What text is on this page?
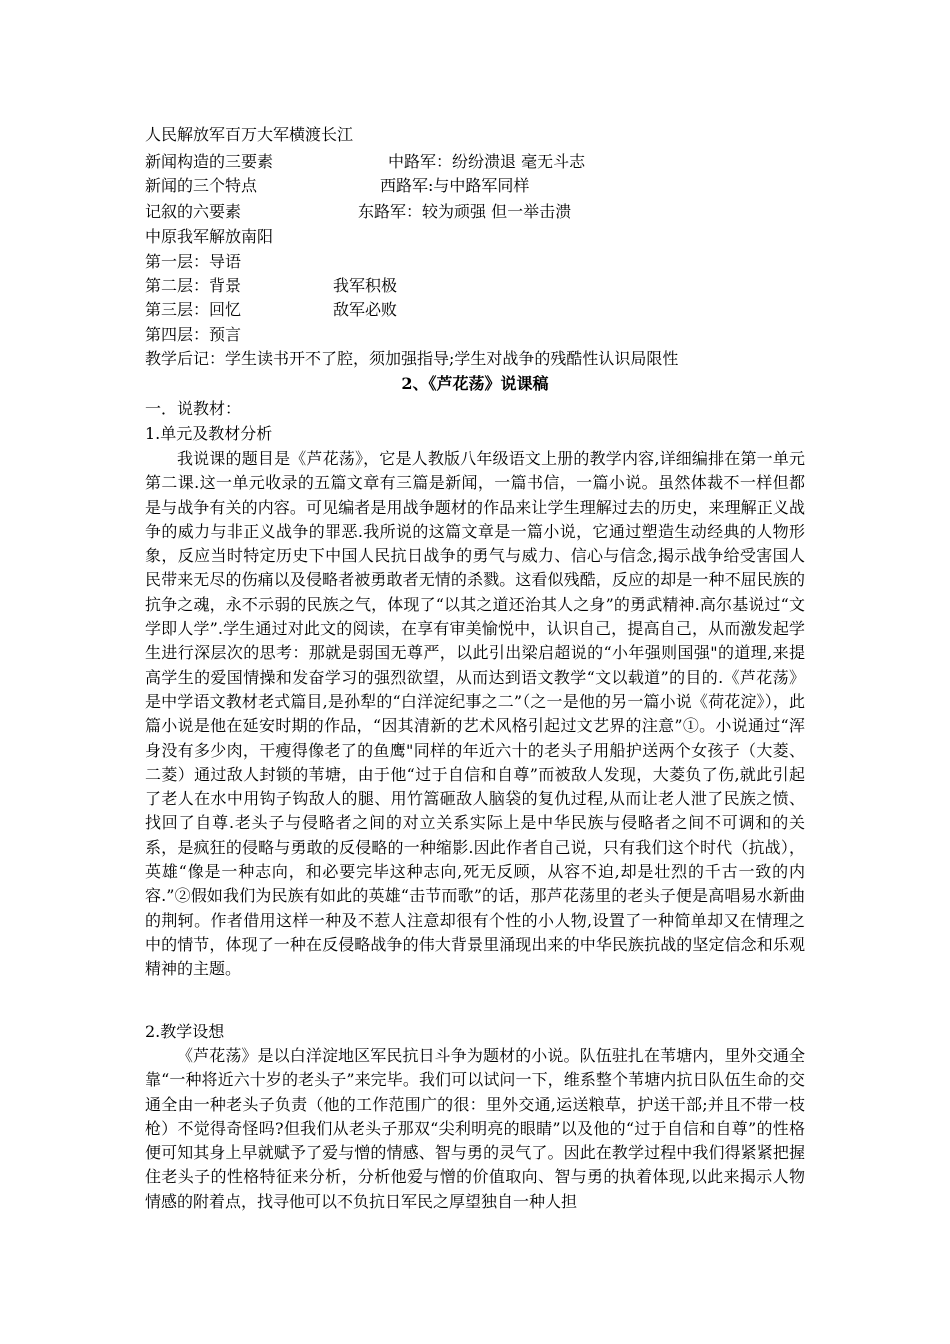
人民解放军百万大军横渡长江
新闻构造的三要素	中路军：纷纷溃退 毫无斗志
新闻的三个特点	西路军:与中路军同样
记叙的六要素	东路军：较为顽强 但一举击溃
中原我军解放南阳
第一层：导语
第二层：背景	我军积极
第三层：回忆	敌军必败
第四层：预言
教学后记：学生读书开不了腔，须加强指导;学生对战争的残酷性认识局限性
2、《芦花荡》说课稿
一．说教材：
1.单元及教材分析
我说课的题目是《芦花荡》，它是人教版八年级语文上册的教学内容,详细编排在第一单元第二课.这一单元收录的五篇文章有三篇是新闻，一篇书信，一篇小说。虽然体裁不一样但都是与战争有关的内容。可见编者是用战争题材的作品来让学生理解过去的历史，来理解正义战争的威力与非正义战争的罪恶.我所说的这篇文章是一篇小说，它通过塑造生动经典的人物形象，反应当时特定历史下中国人民抗日战争的勇气与威力、信心与信念,揭示战争给受害国人民带来无尽的伤痛以及侵略者被勇敢者无情的杀戮。这看似残酷，反应的却是一种不屈民族的抗争之魂，永不示弱的民族之气，体现了“以其之道还治其人之身”的勇武精神.高尔基说过“文学即人学”.学生通过对此文的阅读，在享有审美愉悦中，认识自己，提高自己，从而激发起学生进行深层次的思考：那就是弱国无尊严，以此引出梁启超说的“小年强则国强"的道理,来提高学生的爱国情操和发奋学习的强烈欲望，从而达到语文教学“文以载道”的目的.《芦花荡》是中学语文教材老式篇目,是孙犁的“白洋淀纪事之二”（之一是他的另一篇小说《荷花淀》），此篇小说是他在延安时期的作品，“因其清新的艺术风格引起过文艺界的注意”①。小说通过“浑身没有多少肉，干瘦得像老了的鱼鹰"同样的年近六十的老头子用船护送两个女孩子（大菱、二菱）通过敌人封锁的苇塘，由于他“过于自信和自尊”而被敌人发现，大菱负了伤,就此引起了老人在水中用钩子钩敌人的腿、用竹篙砸敌人脑袋的复仇过程,从而让老人泄了民族之愤、找回了自尊.老头子与侵略者之间的对立关系实际上是中华民族与侵略者之间不可调和的关系，是疯狂的侵略与勇敢的反侵略的一种缩影.因此作者自己说，只有我们这个时代（抗战），英雄“像是一种志向，和必要完毕这种志向,死无反顾，从容不迫,却是壮烈的千古一致的内容.”②假如我们为民族有如此的英雄“击节而歌”的话，那芦花荡里的老头子便是高唱易水新曲的荆轲。作者借用这样一种及不惹人注意却很有个性的小人物,设置了一种简单却又在情理之中的情节，体现了一种在反侵略战争的伟大背景里涌现出来的中华民族抗战的坚定信念和乐观精神的主题。
2.教学设想
《芦花荡》是以白洋淀地区军民抗日斗争为题材的小说。队伍驻扎在苇塘内，里外交通全靠“一种将近六十岁的老头子”来完毕。我们可以试问一下，维系整个苇塘内抗日队伍生命的交通全由一种老头子负责（他的工作范围广的很：里外交通,运送粮草，护送干部;并且不带一枝枪）不觉得奇怪吗?但我们从老头子那双“尖利明亮的眼睛”以及他的“过于自信和自尊”的性格便可知其身上早就赋予了爱与憎的情感、智与勇的灵气了。因此在教学过程中我们得紧紧把握住老头子的性格特征来分析，分析他爱与憎的价值取向、智与勇的执着体现,以此来揭示人物情感的附着点，找寻他可以不负抗日军民之厚望独自一种人担
